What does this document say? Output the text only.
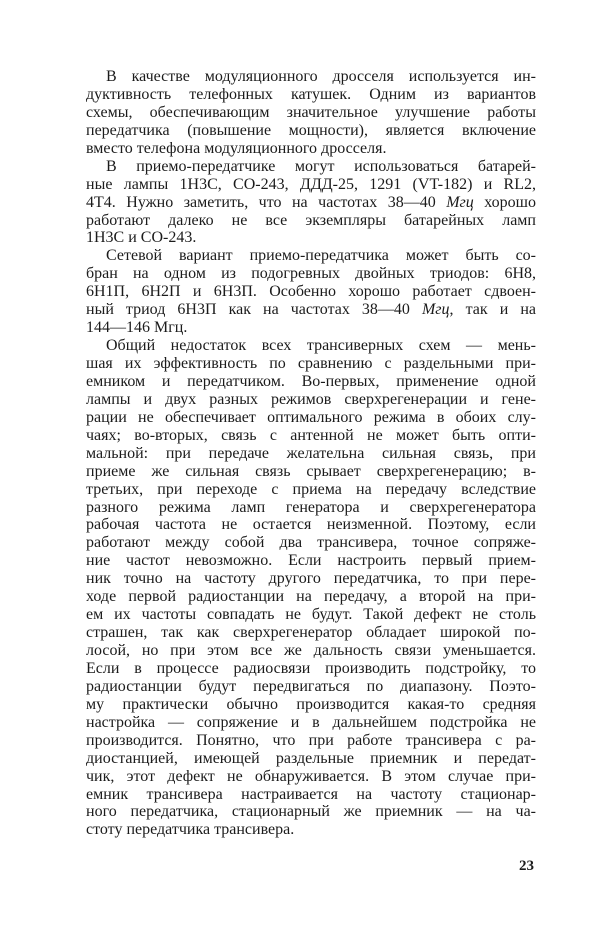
В качестве модуляционного дросселя используется ин-
дуктивность телефонных катушек. Одним из вариантов
схемы, обеспечивающим значительное улучшение работы
передатчика (повышение мощности), является включение
вместо телефона модуляционного дросселя.
В приемо-передатчике могут использоваться батарей-
ные лампы 1Н3С, СО-243, ДДД-25, 1291 (VT-182) и RL2,
4Т4. Нужно заметить, что на частотах 38—40 Мгц хорошо
работают далеко не все экземпляры батарейных ламп
1Н3С и СО-243.
Сетевой вариант приемо-передатчика может быть со-
бран на одном из подогревных двойных триодов: 6Н8,
6Н1П, 6Н2П и 6Н3П. Особенно хорошо работает сдвоен-
ный триод 6Н3П как на частотах 38—40 Мгц, так и на
144—146 Мгц.
Общий недостаток всех трансиверных схем — мень-
шая их эффективность по сравнению с раздельными при-
емником и передатчиком. Во-первых, применение одной
лампы и двух разных режимов сверхрегенерации и гене-
рации не обеспечивает оптимального режима в обоих слу-
чаях; во-вторых, связь с антенной не может быть опти-
мальной: при передаче желательна сильная связь, при
приеме же сильная связь срывает сверхрегенерацию; в-
третьих, при переходе с приема на передачу вследствие
разного режима ламп генератора и сверхрегенератора
рабочая частота не остается неизменной. Поэтому, если
работают между собой два трансивера, точное сопряже-
ние частот невозможно. Если настроить первый прием-
ник точно на частоту другого передатчика, то при пере-
ходе первой радиостанции на передачу, а второй на при-
ем их частоты совпадать не будут. Такой дефект не столь
страшен, так как сверхрегенератор обладает широкой по-
лосой, но при этом все же дальность связи уменьшается.
Если в процессе радиосвязи производить подстройку, то
радиостанции будут передвигаться по диапазону. Поэто-
му практически обычно производится какая-то средняя
настройка — сопряжение и в дальнейшем подстройка не
производится. Понятно, что при работе трансивера с ра-
диостанцией, имеющей раздельные приемник и передат-
чик, этот дефект не обнаруживается. В этом случае при-
емник трансивера настраивается на частоту стационар-
ного передатчика, стационарный же приемник — на ча-
стоту передатчика трансивера.
23
